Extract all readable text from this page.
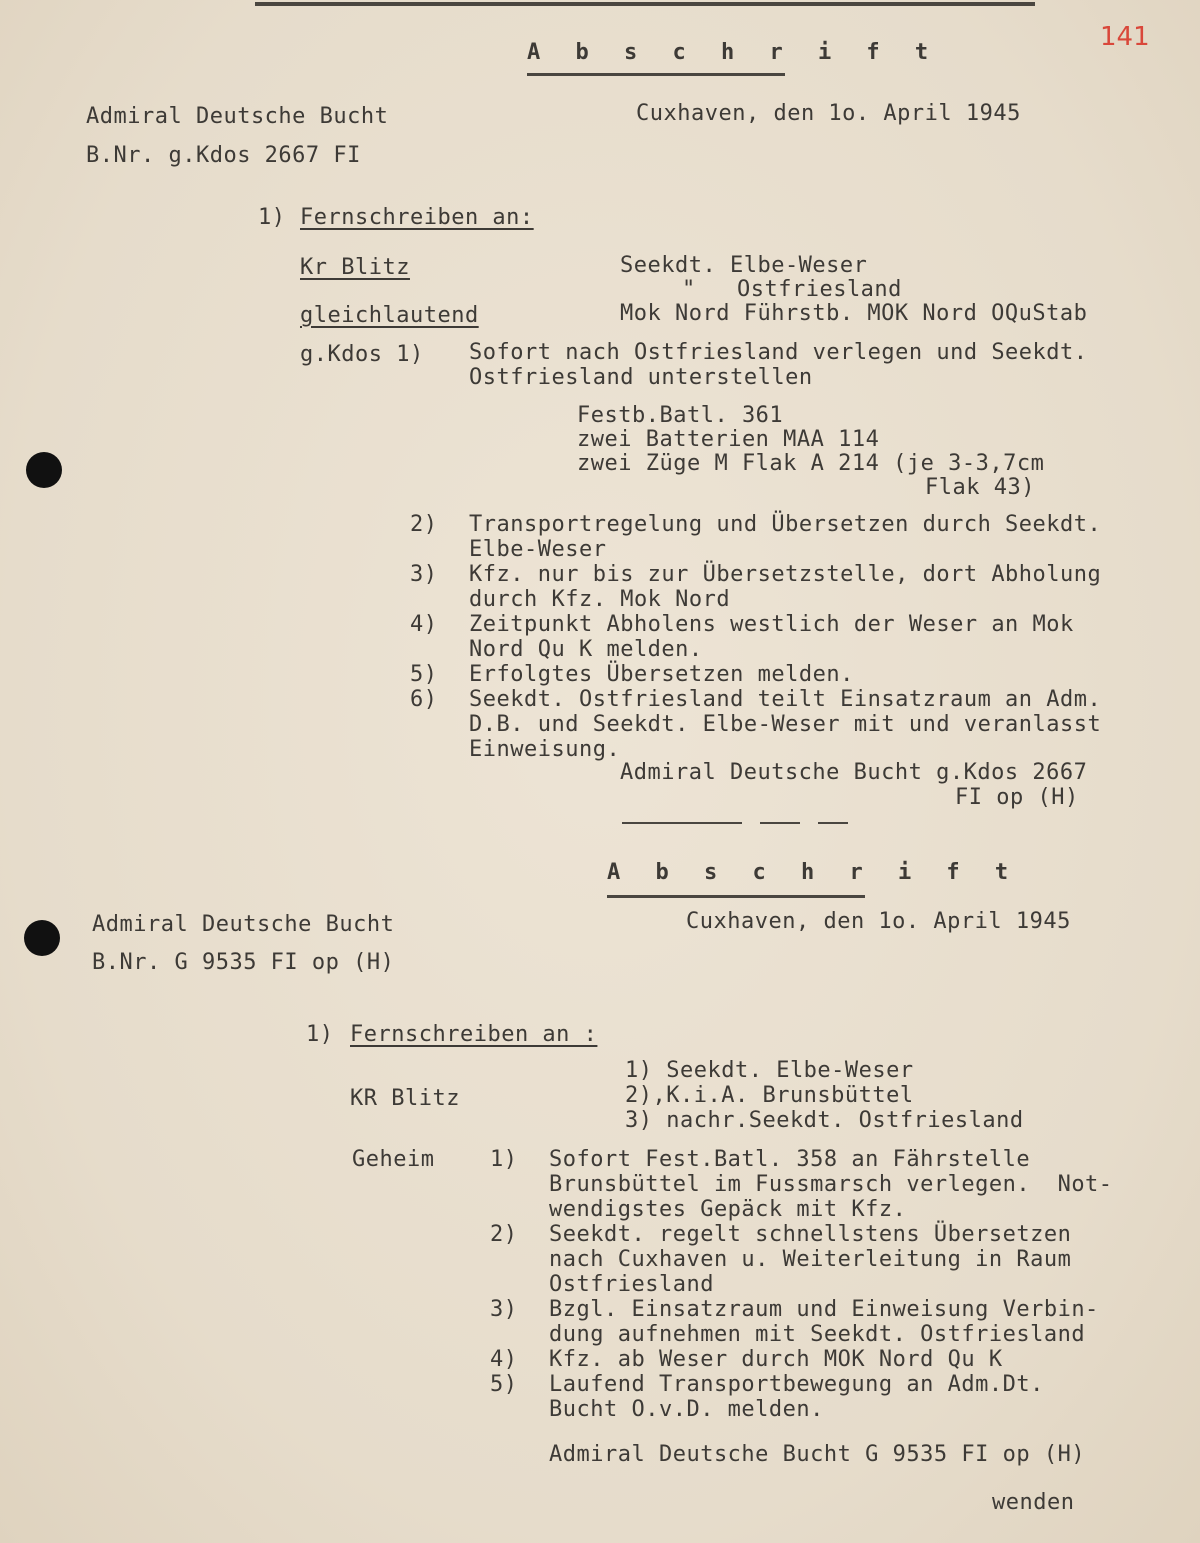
141
A b s c h r i f t
Admiral Deutsche Bucht
B.Nr. g.Kdos 2667 FI
Cuxhaven, den 1o. April 1945
1) Fernschreiben an:
Kr Blitz
gleichlautend
Seekdt. Elbe-Weser
"   Ostfriesland
Mok Nord Führstb. MOK Nord OQuStab
g.Kdos 1) Sofort nach Ostfriesland verlegen und Seekdt.
Ostfriesland unterstellen
Festb.Batl. 361
zwei Batterien MAA 114
zwei Züge M Flak A 214 (je 3-3,7cm
Flak 43)
2) Transportregelung und Übersetzen durch Seekdt.
Elbe-Weser
3) Kfz. nur bis zur Übersetzstelle, dort Abholung
durch Kfz. Mok Nord
4) Zeitpunkt Abholens westlich der Weser an Mok
Nord Qu K melden.
5) Erfolgtes Übersetzen melden.
6) Seekdt. Ostfriesland teilt Einsatzraum an Adm.
D.B. und Seekdt. Elbe-Weser mit und veranlasst
Einweisung.
Admiral Deutsche Bucht g.Kdos 2667
FI op (H)
A b s c h r i f t
Admiral Deutsche Bucht
B.Nr. G 9535 FI op (H)
Cuxhaven, den 1o. April 1945
1) Fernschreiben an :
KR Blitz
1) Seekdt. Elbe-Weser
2),K.i.A. Brunsbüttel
3) nachr.Seekdt. Ostfriesland
Geheim	1) Sofort Fest.Batl. 358 an Fährstelle
Brunsbüttel im Fussmarsch verlegen.  Not-
wendigstes Gepäck mit Kfz.
2) Seekdt. regelt schnellstens Übersetzen
nach Cuxhaven u. Weiterleitung in Raum
Ostfriesland
3) Bzgl. Einsatzraum und Einweisung Verbin-
dung aufnehmen mit Seekdt. Ostfriesland
4) Kfz. ab Weser durch MOK Nord Qu K
5) Laufend Transportbewegung an Adm.Dt.
Bucht O.v.D. melden.
Admiral Deutsche Bucht G 9535 FI op (H)
wenden
